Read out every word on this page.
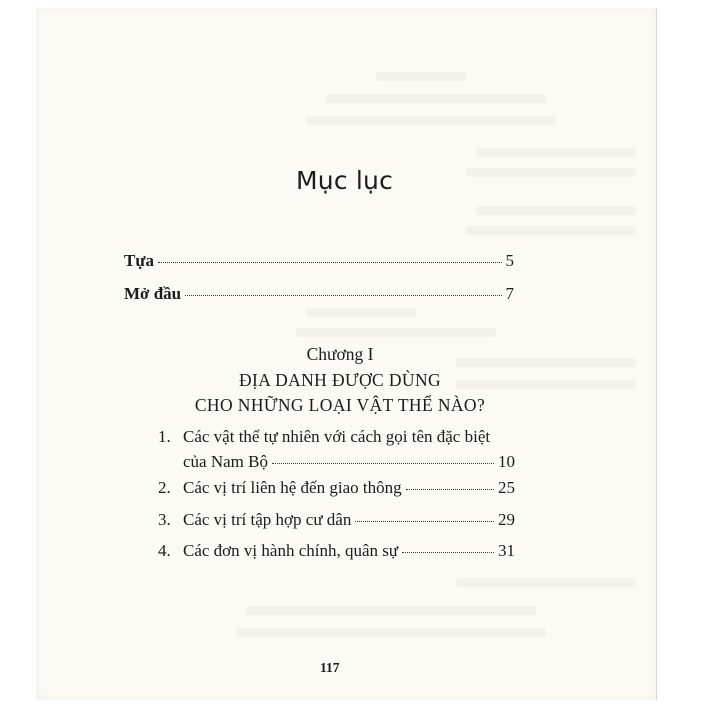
Mục lục
Tựa	5
Mở đầu	7
Chương I
ĐỊA DANH ĐƯỢC DÙNG
CHO NHỮNG LOẠI VẬT THỂ NÀO?
1. Các vật thể tự nhiên với cách gọi tên đặc biệt
của Nam Bộ	10
2. Các vị trí liên hệ đến giao thông	25
3. Các vị trí tập hợp cư dân	29
4. Các đơn vị hành chính, quân sự	31
117
